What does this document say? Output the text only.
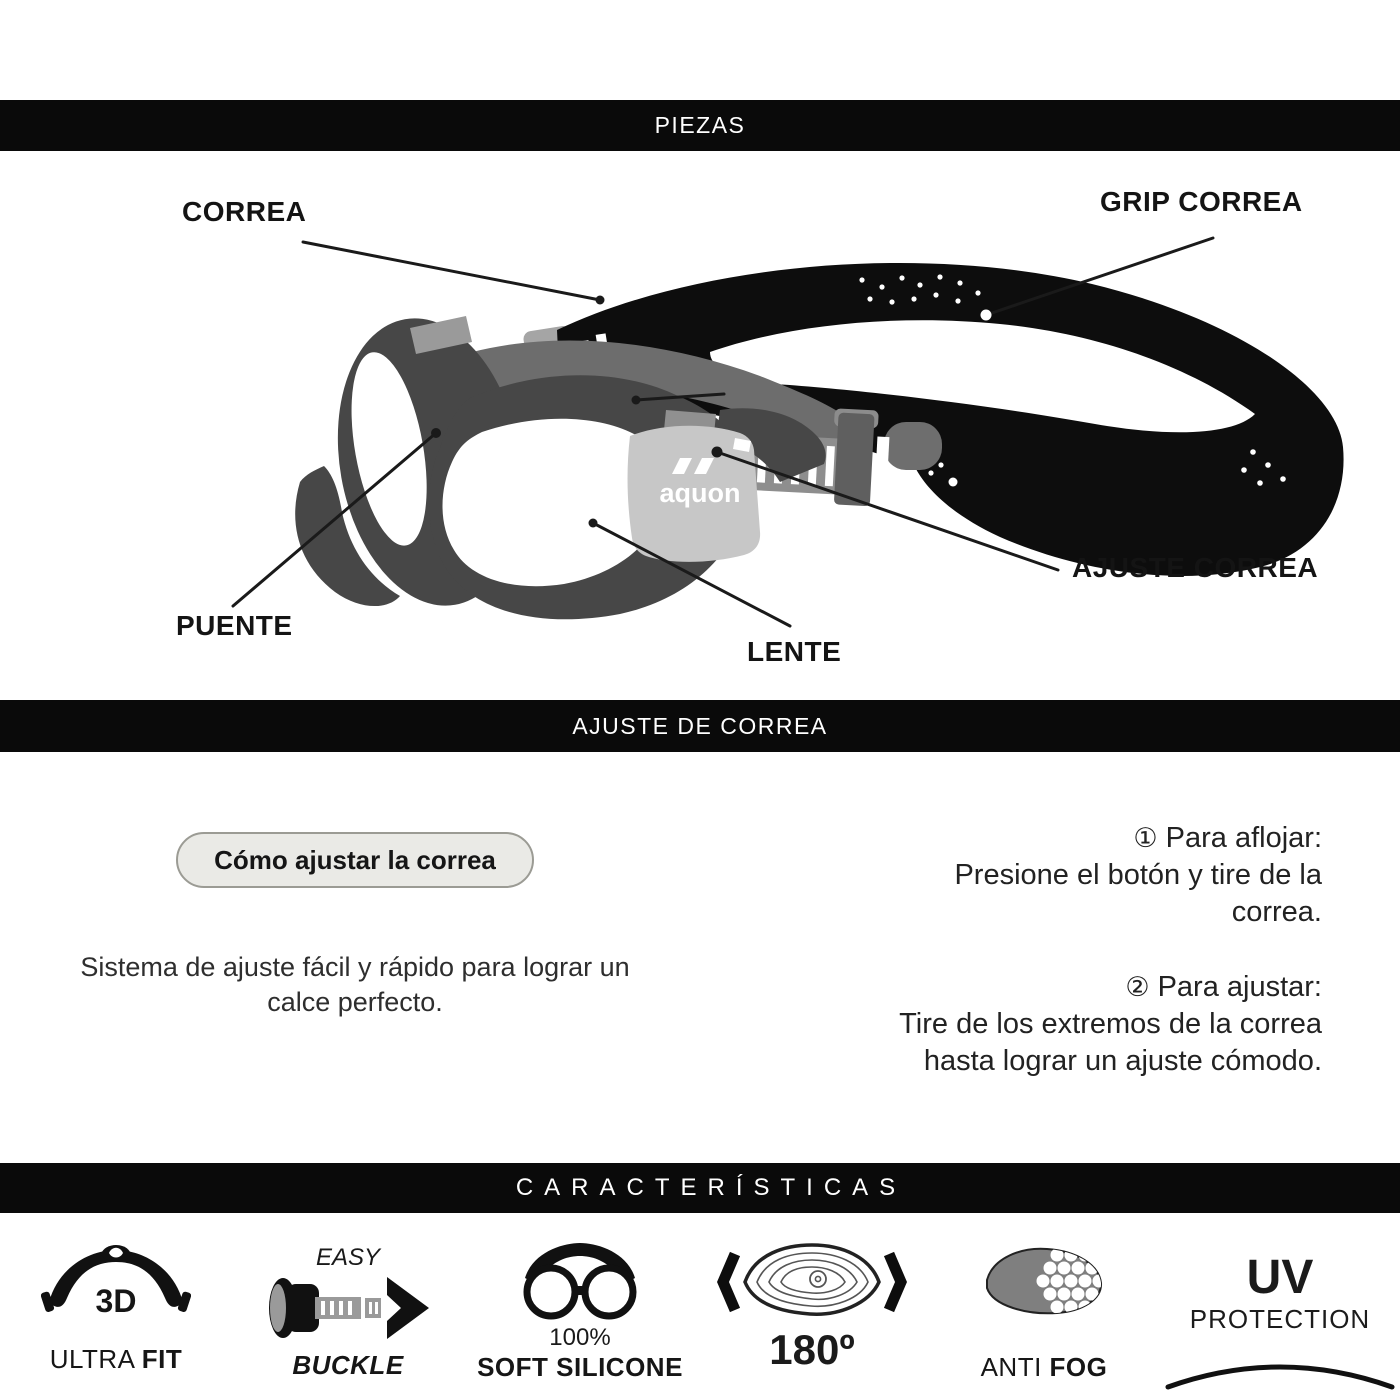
PIEZAS
aquon
CORREA	GRIP CORREA
PUENTE
LENTE
AJUSTE CORREA
AJUSTE DE CORREA
Cómo ajustar la correa
Sistema de ajuste fácil y rápido para lograr un
calce perfecto.
① Para aflojar:
Presione el botón y tire de la
correa.
② Para ajustar:
Tire de los extremos de la correa
hasta lograr un ajuste cómodo.
CARACTERÍSTICAS
3D
ULTRA FIT
EASY
BUCKLE
100%
SOFT SILICONE 180º	ANTI FOG
UV
PROTECTION
